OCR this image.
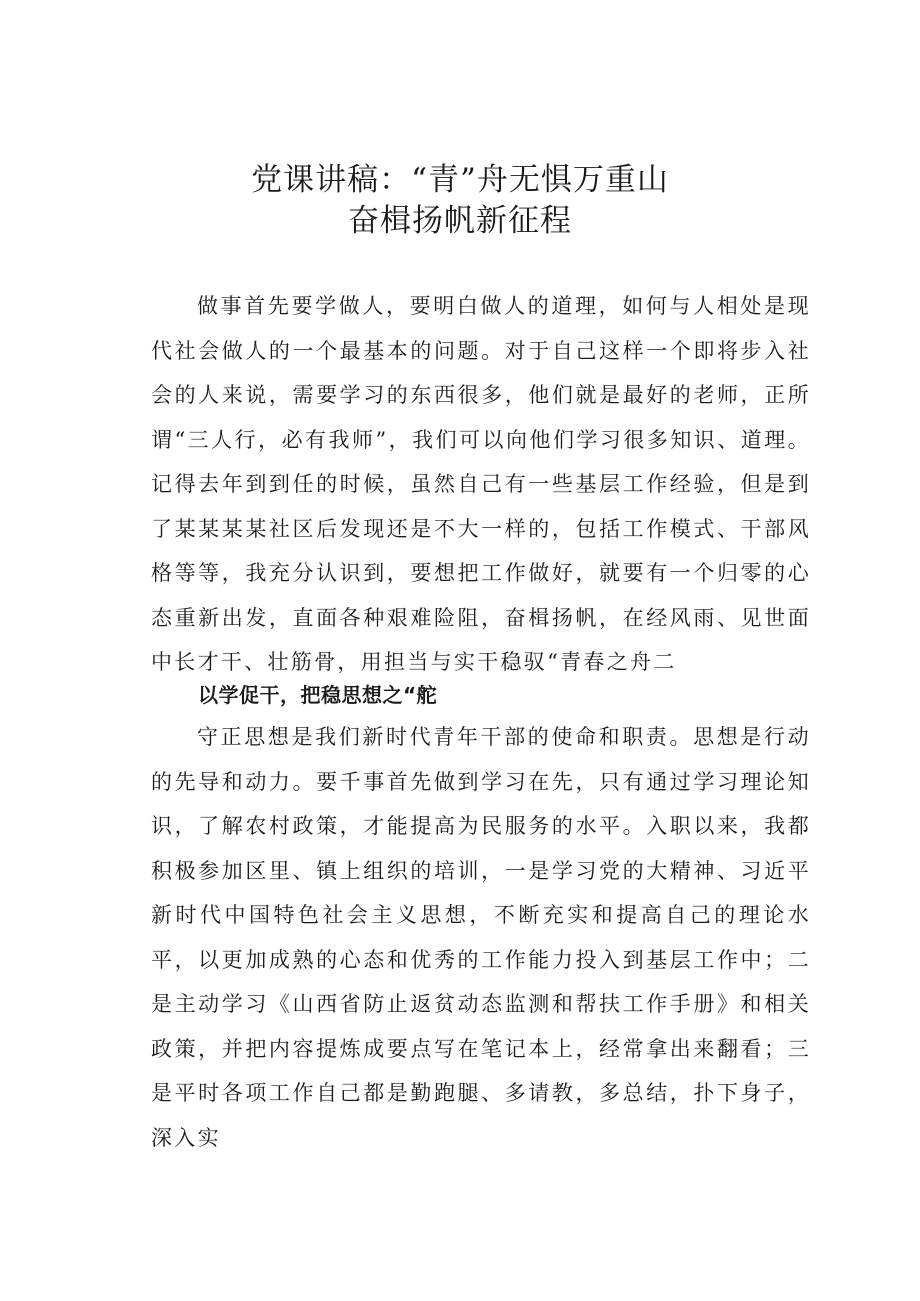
党课讲稿：“青”舟无惧万重山
奋楫扬帆新征程

做事首先要学做人，要明白做人的道理，如何与人相处是现代社会做人的一个最基本的问题。对于自己这样一个即将步入社会的人来说，需要学习的东西很多，他们就是最好的老师，正所谓“三人行，必有我师”，我们可以向他们学习很多知识、道理。记得去年到到任的时候，虽然自己有一些基层工作经验，但是到了某某某某社区后发现还是不大一样的，包括工作模式、干部风格等等，我充分认识到，要想把工作做好，就要有一个归零的心态重新出发，直面各种艰难险阻，奋楫扬帆，在经风雨、见世面中长才干、壮筋骨，用担当与实干稳驭“青春之舟二

以学促干，把稳思想之“舵

守正思想是我们新时代青年干部的使命和职责。思想是行动的先导和动力。要千事首先做到学习在先，只有通过学习理论知识，了解农村政策，才能提高为民服务的水平。入职以来，我都积极参加区里、镇上组织的培训，一是学习党的大精神、习近平新时代中国特色社会主义思想，不断充实和提高自己的理论水平，以更加成熟的心态和优秀的工作能力投入到基层工作中；二是主动学习《山西省防止返贫动态监测和帮扶工作手册》和相关政策，并把内容提炼成要点写在笔记本上，经常拿出来翻看；三是平时各项工作自己都是勤跑腿、多请教，多总结，扑下身子，深入实
